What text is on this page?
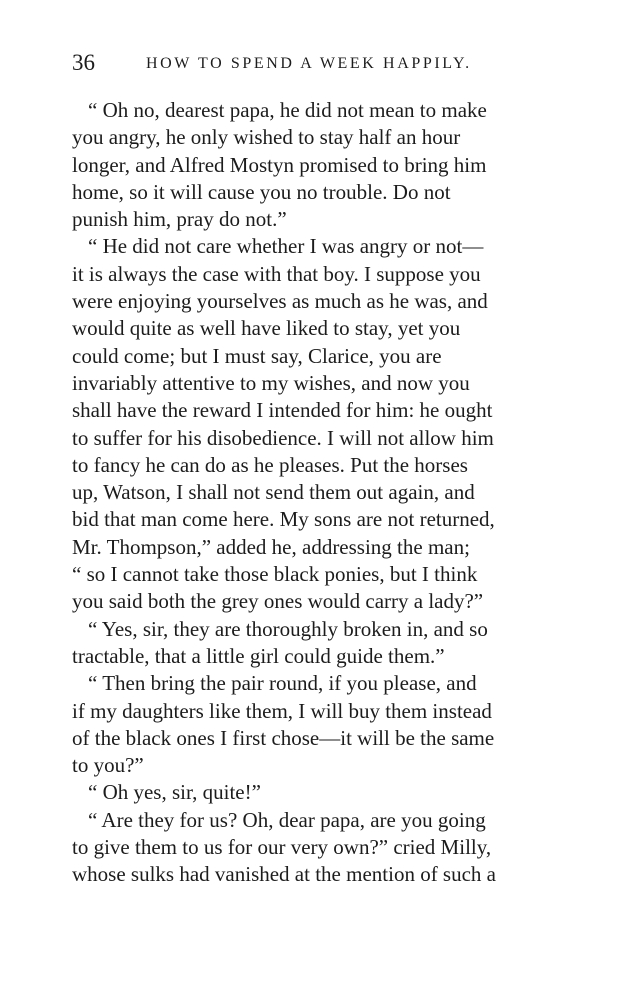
36	HOW TO SPEND A WEEK HAPPILY.
“ Oh no, dearest papa, he did not mean to make
you angry, he only wished to stay half an hour
longer, and Alfred Mostyn promised to bring him
home, so it will cause you no trouble. Do not
punish him, pray do not.”
“ He did not care whether I was angry or not—
it is always the case with that boy. I suppose you
were enjoying yourselves as much as he was, and
would quite as well have liked to stay, yet you
could come; but I must say, Clarice, you are
invariably attentive to my wishes, and now you
shall have the reward I intended for him: he ought
to suffer for his disobedience. I will not allow him
to fancy he can do as he pleases. Put the horses
up, Watson, I shall not send them out again, and
bid that man come here. My sons are not returned,
Mr. Thompson,” added he, addressing the man;
“ so I cannot take those black ponies, but I think
you said both the grey ones would carry a lady?”
“ Yes, sir, they are thoroughly broken in, and so
tractable, that a little girl could guide them.”
“ Then bring the pair round, if you please, and
if my daughters like them, I will buy them instead
of the black ones I first chose—it will be the same
to you?”
“ Oh yes, sir, quite!”
“ Are they for us? Oh, dear papa, are you going
to give them to us for our very own?” cried Milly,
whose sulks had vanished at the mention of such a
